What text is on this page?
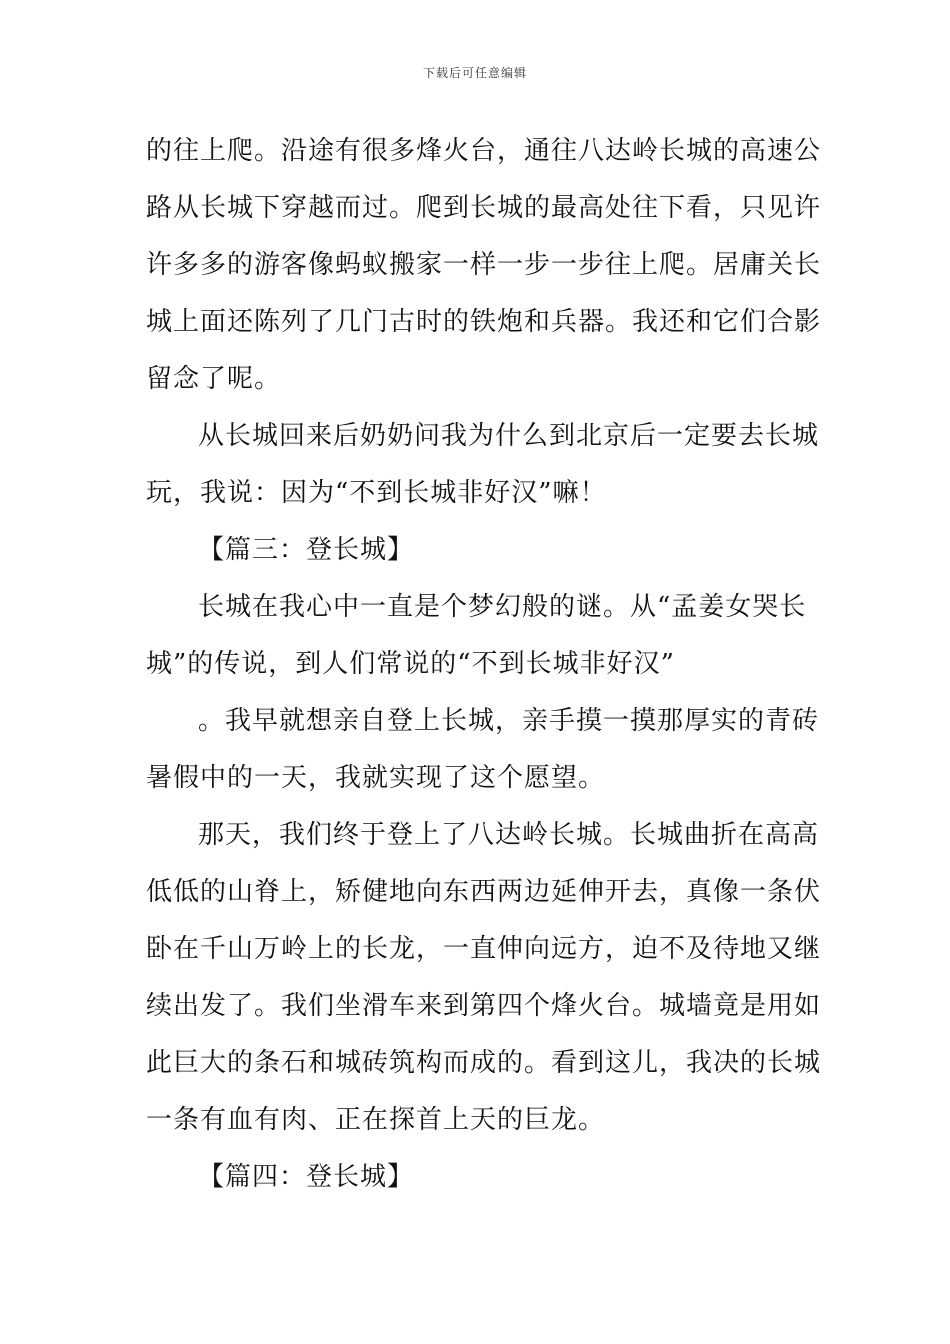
下载后可任意编辑
的往上爬。沿途有很多烽火台，通往八达岭长城的高速公
路从长城下穿越而过。爬到长城的最高处往下看，只见许
许多多的游客像蚂蚁搬家一样一步一步往上爬。居庸关长
城上面还陈列了几门古时的铁炮和兵器。我还和它们合影
留念了呢。
从长城回来后奶奶问我为什么到北京后一定要去长城
玩，我说：因为“不到长城非好汉”嘛！
【篇三：登长城】
长城在我心中一直是个梦幻般的谜。从“孟姜女哭长
城”的传说，到人们常说的“不到长城非好汉”
。我早就想亲自登上长城，亲手摸一摸那厚实的青砖
暑假中的一天，我就实现了这个愿望。
那天，我们终于登上了八达岭长城。长城曲折在高高
低低的山脊上，矫健地向东西两边延伸开去，真像一条伏
卧在千山万岭上的长龙，一直伸向远方，迫不及待地又继
续出发了。我们坐滑车来到第四个烽火台。城墙竟是用如
此巨大的条石和城砖筑构而成的。看到这儿，我决的长城
一条有血有肉、正在探首上天的巨龙。
【篇四：登长城】
